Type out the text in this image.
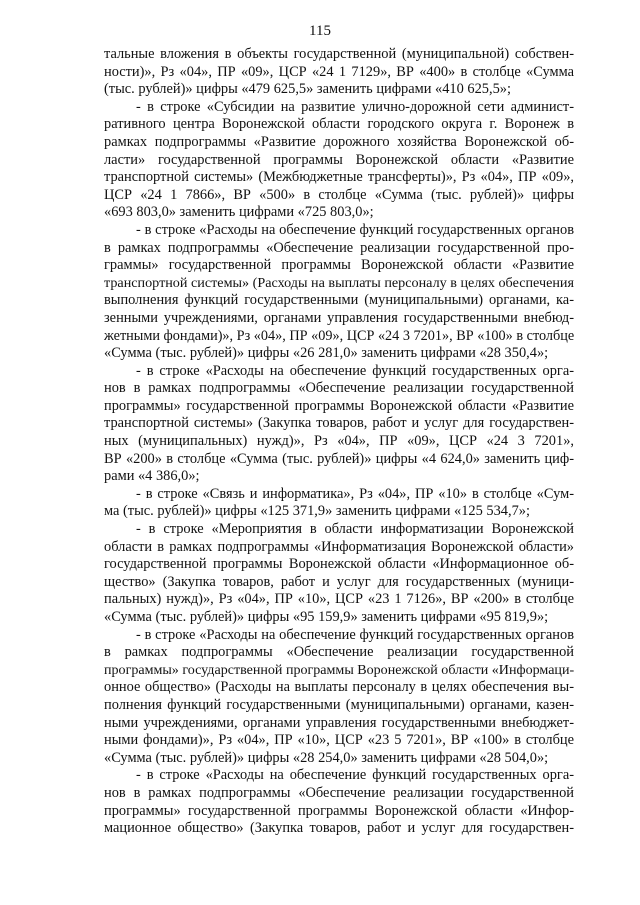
115
тальные вложения в объекты государственной (муниципальной) собствен-
ности)», Рз «04», ПР «09», ЦСР «24 1 7129», ВР «400» в столбце «Сумма
(тыс. рублей)» цифры «479 625,5» заменить цифрами «410 625,5»;
- в строке «Субсидии на развитие улично-дорожной сети админист-
ративного центра Воронежской области городского округа г. Воронеж в
рамках подпрограммы «Развитие дорожного хозяйства Воронежской об-
ласти» государственной программы Воронежской области «Развитие
транспортной системы» (Межбюджетные трансферты)», Рз «04», ПР «09»,
ЦСР «24 1 7866», ВР «500» в столбце «Сумма (тыс. рублей)» цифры
«693 803,0» заменить цифрами «725 803,0»;
- в строке «Расходы на обеспечение функций государственных органов
в рамках подпрограммы «Обеспечение реализации государственной про-
граммы» государственной программы Воронежской области «Развитие
транспортной системы» (Расходы на выплаты персоналу в целях обеспечения
выполнения функций государственными (муниципальными) органами, ка-
зенными учреждениями, органами управления государственными внебюд-
жетными фондами)», Рз «04», ПР «09», ЦСР «24 3 7201», ВР «100» в столбце
«Сумма (тыс. рублей)» цифры «26 281,0» заменить цифрами «28 350,4»;
- в строке «Расходы на обеспечение функций государственных орга-
нов в рамках подпрограммы «Обеспечение реализации государственной
программы» государственной программы Воронежской области «Развитие
транспортной системы» (Закупка товаров, работ и услуг для государствен-
ных (муниципальных) нужд)», Рз «04», ПР «09», ЦСР «24 3 7201»,
ВР «200» в столбце «Сумма (тыс. рублей)» цифры «4 624,0» заменить циф-
рами «4 386,0»;
- в строке «Связь и информатика», Рз «04», ПР «10» в столбце «Сум-
ма (тыс. рублей)» цифры «125 371,9» заменить цифрами «125 534,7»;
- в строке «Мероприятия в области информатизации Воронежской
области в рамках подпрограммы «Информатизация Воронежской области»
государственной программы Воронежской области «Информационное об-
щество» (Закупка товаров, работ и услуг для государственных (муници-
пальных) нужд)», Рз «04», ПР «10», ЦСР «23 1 7126», ВР «200» в столбце
«Сумма (тыс. рублей)» цифры «95 159,9» заменить цифрами «95 819,9»;
- в строке «Расходы на обеспечение функций государственных органов
в рамках подпрограммы «Обеспечение реализации государственной
программы» государственной программы Воронежской области «Информаци-
онное общество» (Расходы на выплаты персоналу в целях обеспечения вы-
полнения функций государственными (муниципальными) органами, казен-
ными учреждениями, органами управления государственными внебюджет-
ными фондами)», Рз «04», ПР «10», ЦСР «23 5 7201», ВР «100» в столбце
«Сумма (тыс. рублей)» цифры «28 254,0» заменить цифрами «28 504,0»;
- в строке «Расходы на обеспечение функций государственных орга-
нов в рамках подпрограммы «Обеспечение реализации государственной
программы» государственной программы Воронежской области «Инфор-
мационное общество» (Закупка товаров, работ и услуг для государствен-
